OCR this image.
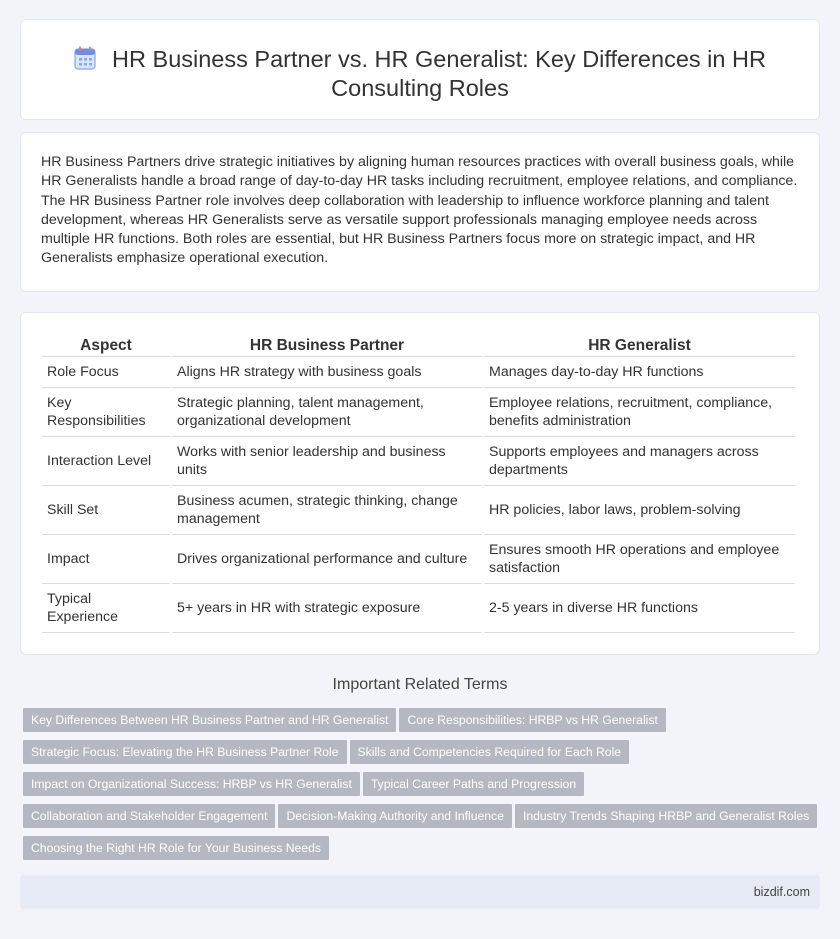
HR Business Partner vs. HR Generalist: Key Differences in HR Consulting Roles

HR Business Partners drive strategic initiatives by aligning human resources practices with overall business goals, while HR Generalists handle a broad range of day-to-day HR tasks including recruitment, employee relations, and compliance. The HR Business Partner role involves deep collaboration with leadership to influence workforce planning and talent development, whereas HR Generalists serve as versatile support professionals managing employee needs across multiple HR functions. Both roles are essential, but HR Business Partners focus more on strategic impact, and HR Generalists emphasize operational execution.

Aspect	HR Business Partner	HR Generalist
Role Focus	Aligns HR strategy with business goals	Manages day-to-day HR functions
Key Responsibilities	Strategic planning, talent management, organizational development	Employee relations, recruitment, compliance, benefits administration
Interaction Level	Works with senior leadership and business units	Supports employees and managers across departments
Skill Set	Business acumen, strategic thinking, change management	HR policies, labor laws, problem-solving
Impact	Drives organizational performance and culture	Ensures smooth HR operations and employee satisfaction
Typical Experience	5+ years in HR with strategic exposure	2-5 years in diverse HR functions
Important Related Terms
Key Differences Between HR Business Partner and HR Generalist Core Responsibilities: HRBP vs HR Generalist
Strategic Focus: Elevating the HR Business Partner Role Skills and Competencies Required for Each Role
Impact on Organizational Success: HRBP vs HR Generalist Typical Career Paths and Progression
Collaboration and Stakeholder Engagement Decision-Making Authority and Influence Industry Trends Shaping HRBP and Generalist Roles
Choosing the Right HR Role for Your Business Needs
bizdif.com
